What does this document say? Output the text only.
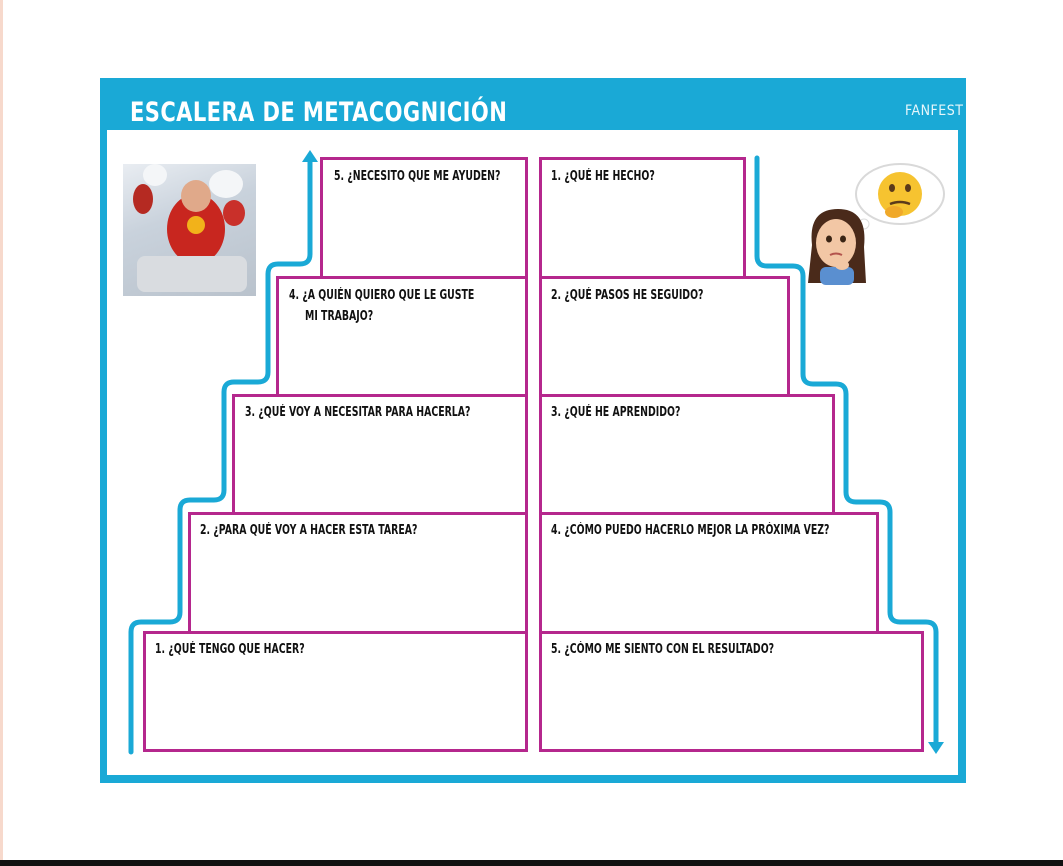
ESCALERA DE METACOGNICIÓN	FANFEST
5. ¿NECESITO QUE ME AYUDEN?
4. ¿A QUIÉN QUIERO QUE LE GUSTE
MI TRABAJO?
3. ¿QUÉ VOY A NECESITAR PARA HACERLA?
2. ¿PARA QUÉ VOY A HACER ESTA TAREA?
1. ¿QUÉ TENGO QUE HACER?
1. ¿QUÉ HE HECHO?
2. ¿QUÉ PASOS HE SEGUIDO?
3. ¿QUÉ HE APRENDIDO?
4. ¿CÓMO PUEDO HACERLO MEJOR LA PRÓXIMA VEZ?
5. ¿CÓMO ME SIENTO CON EL RESULTADO?
